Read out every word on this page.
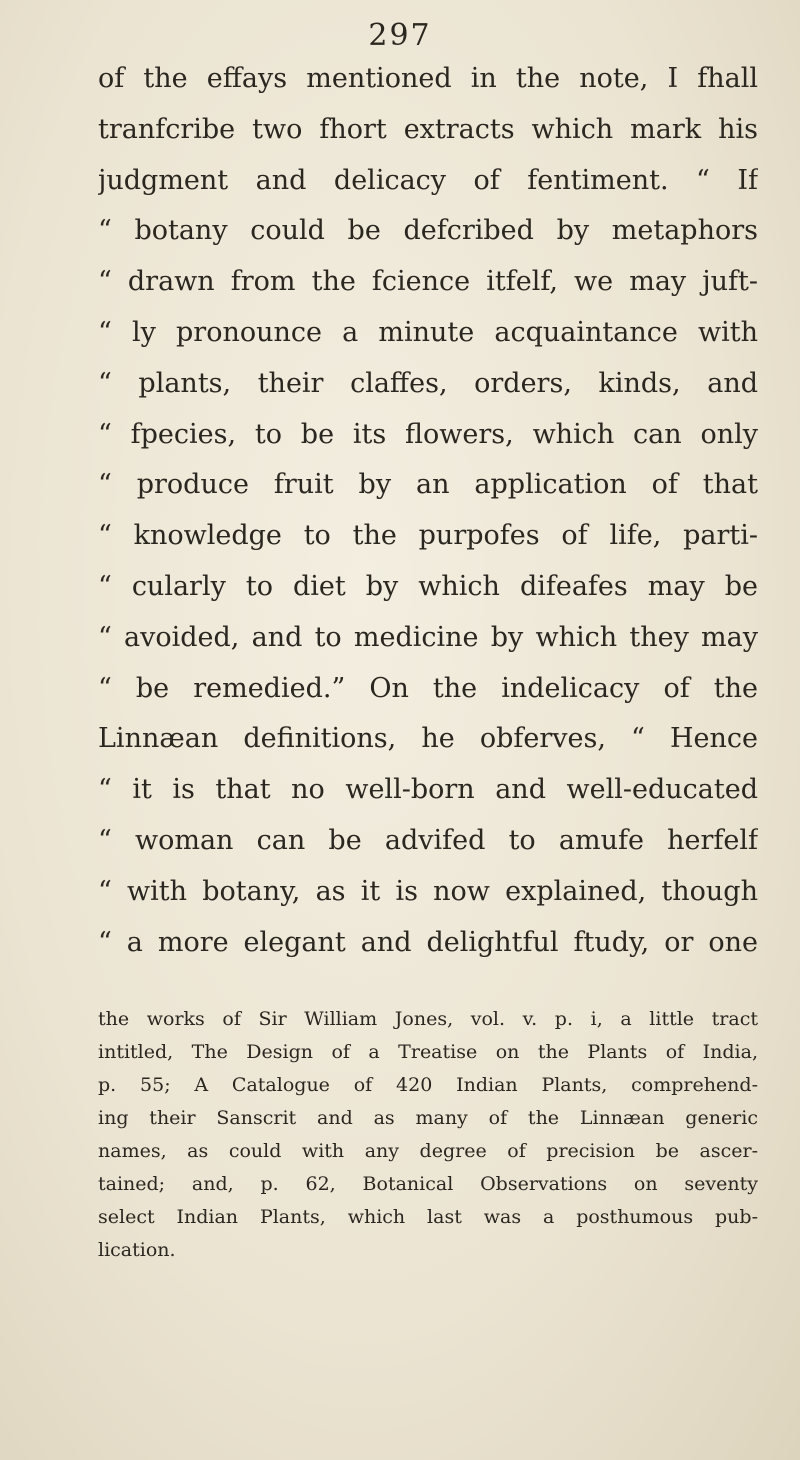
297
of the effays mentioned in the note, I fhall
tranfcribe two fhort extracts which mark his
judgment and delicacy of fentiment. “ If
“ botany could be defcribed by metaphors
“ drawn from the fcience itfelf, we may juft-
“ ly pronounce a minute acquaintance with
“ plants, their claffes, orders, kinds, and
“ fpecies, to be its flowers, which can only
“ produce fruit by an application of that
“ knowledge to the purpofes of life, parti-
“ cularly to diet by which difeafes may be
“ avoided, and to medicine by which they may
“ be remedied.” On the indelicacy of the
Linnæan definitions, he obferves, “ Hence
“ it is that no well-born and well-educated
“ woman can be advifed to amufe herfelf
“ with botany, as it is now explained, though
“ a more elegant and delightful ftudy, or one
the works of Sir William Jones, vol. v. p. i, a little tract
intitled, The Design of a Treatise on the Plants of India,
p. 55; A Catalogue of 420 Indian Plants, comprehend-
ing their Sanscrit and as many of the Linnæan generic
names, as could with any degree of precision be ascer-
tained; and, p. 62, Botanical Observations on seventy
select Indian Plants, which last was a posthumous pub-
lication.
